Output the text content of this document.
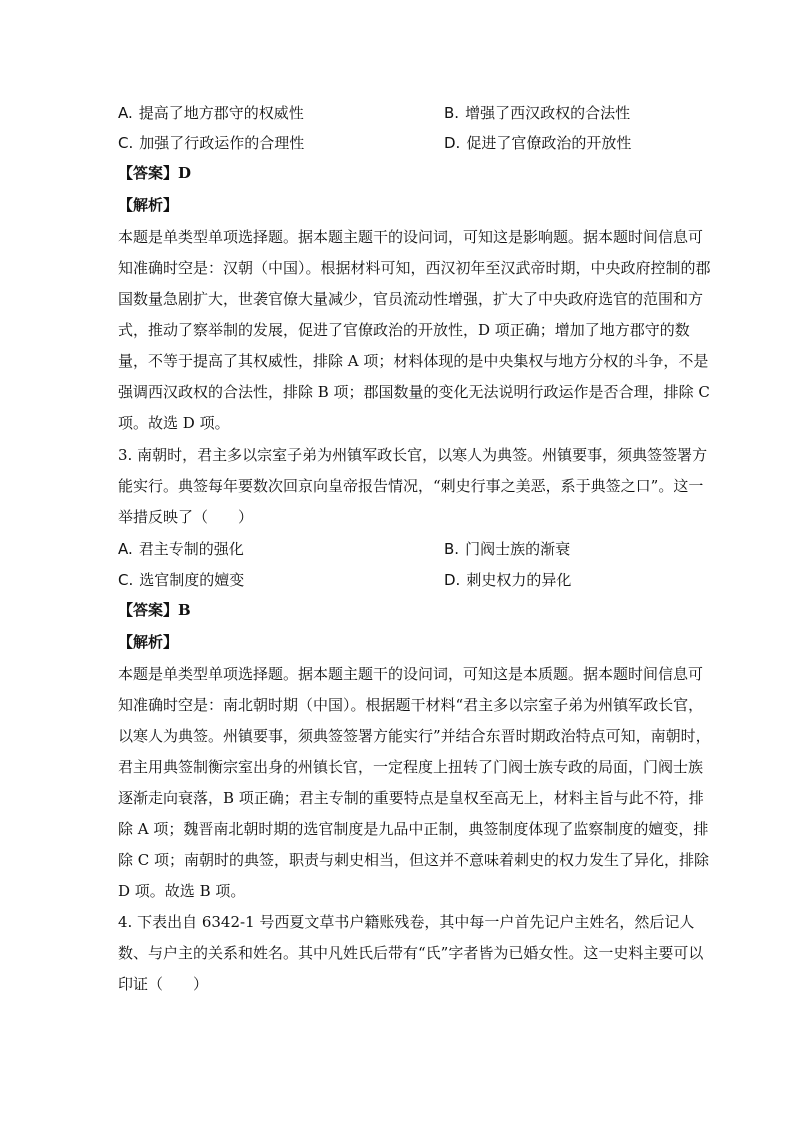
A. 提高了地方郡守的权威性	B. 增强了西汉政权的合法性
C. 加强了行政运作的合理性	D. 促进了官僚政治的开放性
【答案】D
【解析】
本题是单类型单项选择题。据本题主题干的设问词，可知这是影响题。据本题时间信息可
知准确时空是：汉朝（中国）。根据材料可知，西汉初年至汉武帝时期，中央政府控制的郡
国数量急剧扩大，世袭官僚大量减少，官员流动性增强，扩大了中央政府选官的范围和方
式，推动了察举制的发展，促进了官僚政治的开放性，D 项正确；增加了地方郡守的数
量，不等于提高了其权威性，排除 A 项；材料体现的是中央集权与地方分权的斗争，不是
强调西汉政权的合法性，排除 B 项；郡国数量的变化无法说明行政运作是否合理，排除 C
项。故选 D 项。
3. 南朝时，君主多以宗室子弟为州镇军政长官，以寒人为典签。州镇要事，须典签签署方
能实行。典签每年要数次回京向皇帝报告情况，“刺史行事之美恶，系于典签之口”。这一
举措反映了（　　）
A. 君主专制的强化	B. 门阀士族的渐衰
C. 选官制度的嬗变	D. 刺史权力的异化
【答案】B
【解析】
本题是单类型单项选择题。据本题主题干的设问词，可知这是本质题。据本题时间信息可
知准确时空是：南北朝时期（中国）。根据题干材料“君主多以宗室子弟为州镇军政长官，
以寒人为典签。州镇要事，须典签签署方能实行”并结合东晋时期政治特点可知，南朝时，
君主用典签制衡宗室出身的州镇长官，一定程度上扭转了门阀士族专政的局面，门阀士族
逐渐走向衰落，B 项正确；君主专制的重要特点是皇权至高无上，材料主旨与此不符，排
除 A 项；魏晋南北朝时期的选官制度是九品中正制，典签制度体现了监察制度的嬗变，排
除 C 项；南朝时的典签，职责与刺史相当，但这并不意味着刺史的权力发生了异化，排除
D 项。故选 B 项。
4. 下表出自 6342-1 号西夏文草书户籍账残卷，其中每一户首先记户主姓名，然后记人
数、与户主的关系和姓名。其中凡姓氏后带有“氏”字者皆为已婚女性。这一史料主要可以
印证（　　）
